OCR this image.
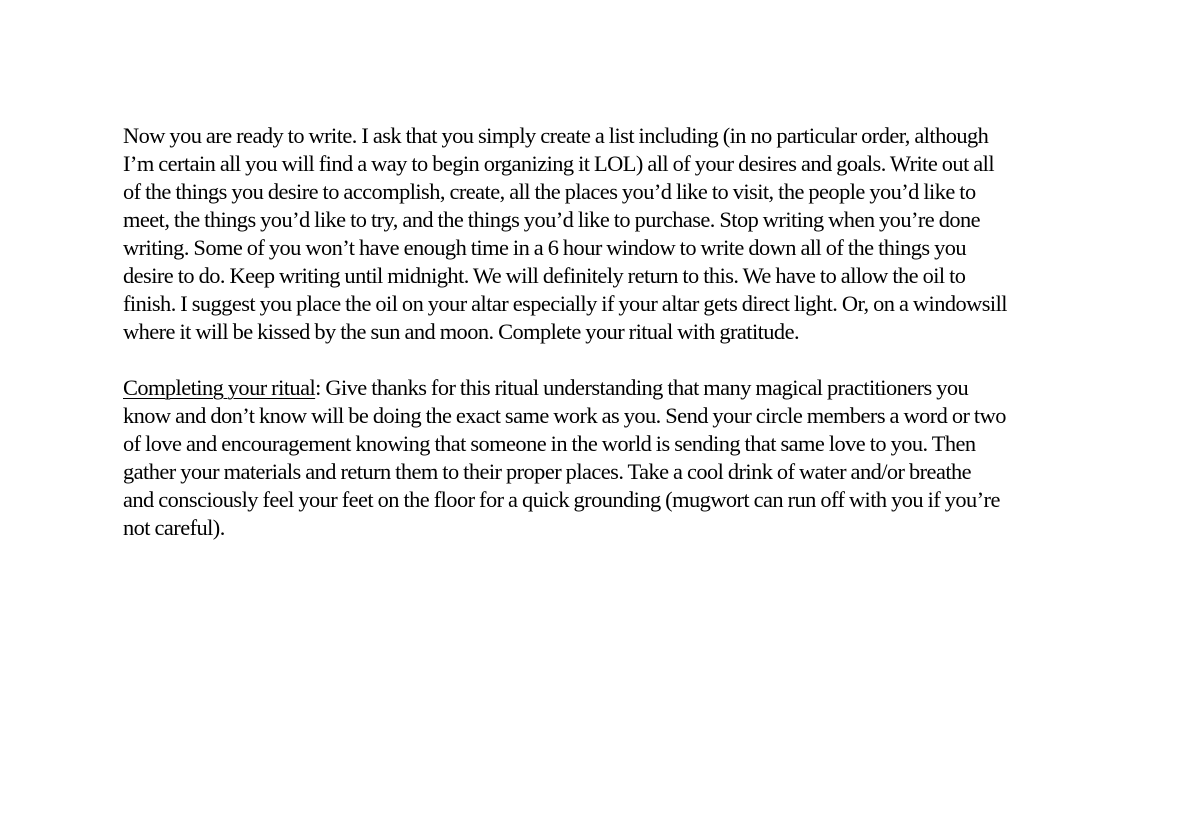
Now you are ready to write. I ask that you simply create a list including (in no particular order, although
I’m certain all you will find a way to begin organizing it LOL) all of your desires and goals. Write out all
of the things you desire to accomplish, create, all the places you’d like to visit, the people you’d like to
meet, the things you’d like to try, and the things you’d like to purchase. Stop writing when you’re done
writing. Some of you won’t have enough time in a 6 hour window to write down all of the things you
desire to do. Keep writing until midnight. We will definitely return to this. We have to allow the oil to
finish. I suggest you place the oil on your altar especially if your altar gets direct light. Or, on a windowsill
where it will be kissed by the sun and moon. Complete your ritual with gratitude.

Completing your ritual: Give thanks for this ritual understanding that many magical practitioners you
know and don’t know will be doing the exact same work as you. Send your circle members a word or two
of love and encouragement knowing that someone in the world is sending that same love to you. Then
gather your materials and return them to their proper places. Take a cool drink of water and/or breathe
and consciously feel your feet on the floor for a quick grounding (mugwort can run off with you if you’re
not careful).
